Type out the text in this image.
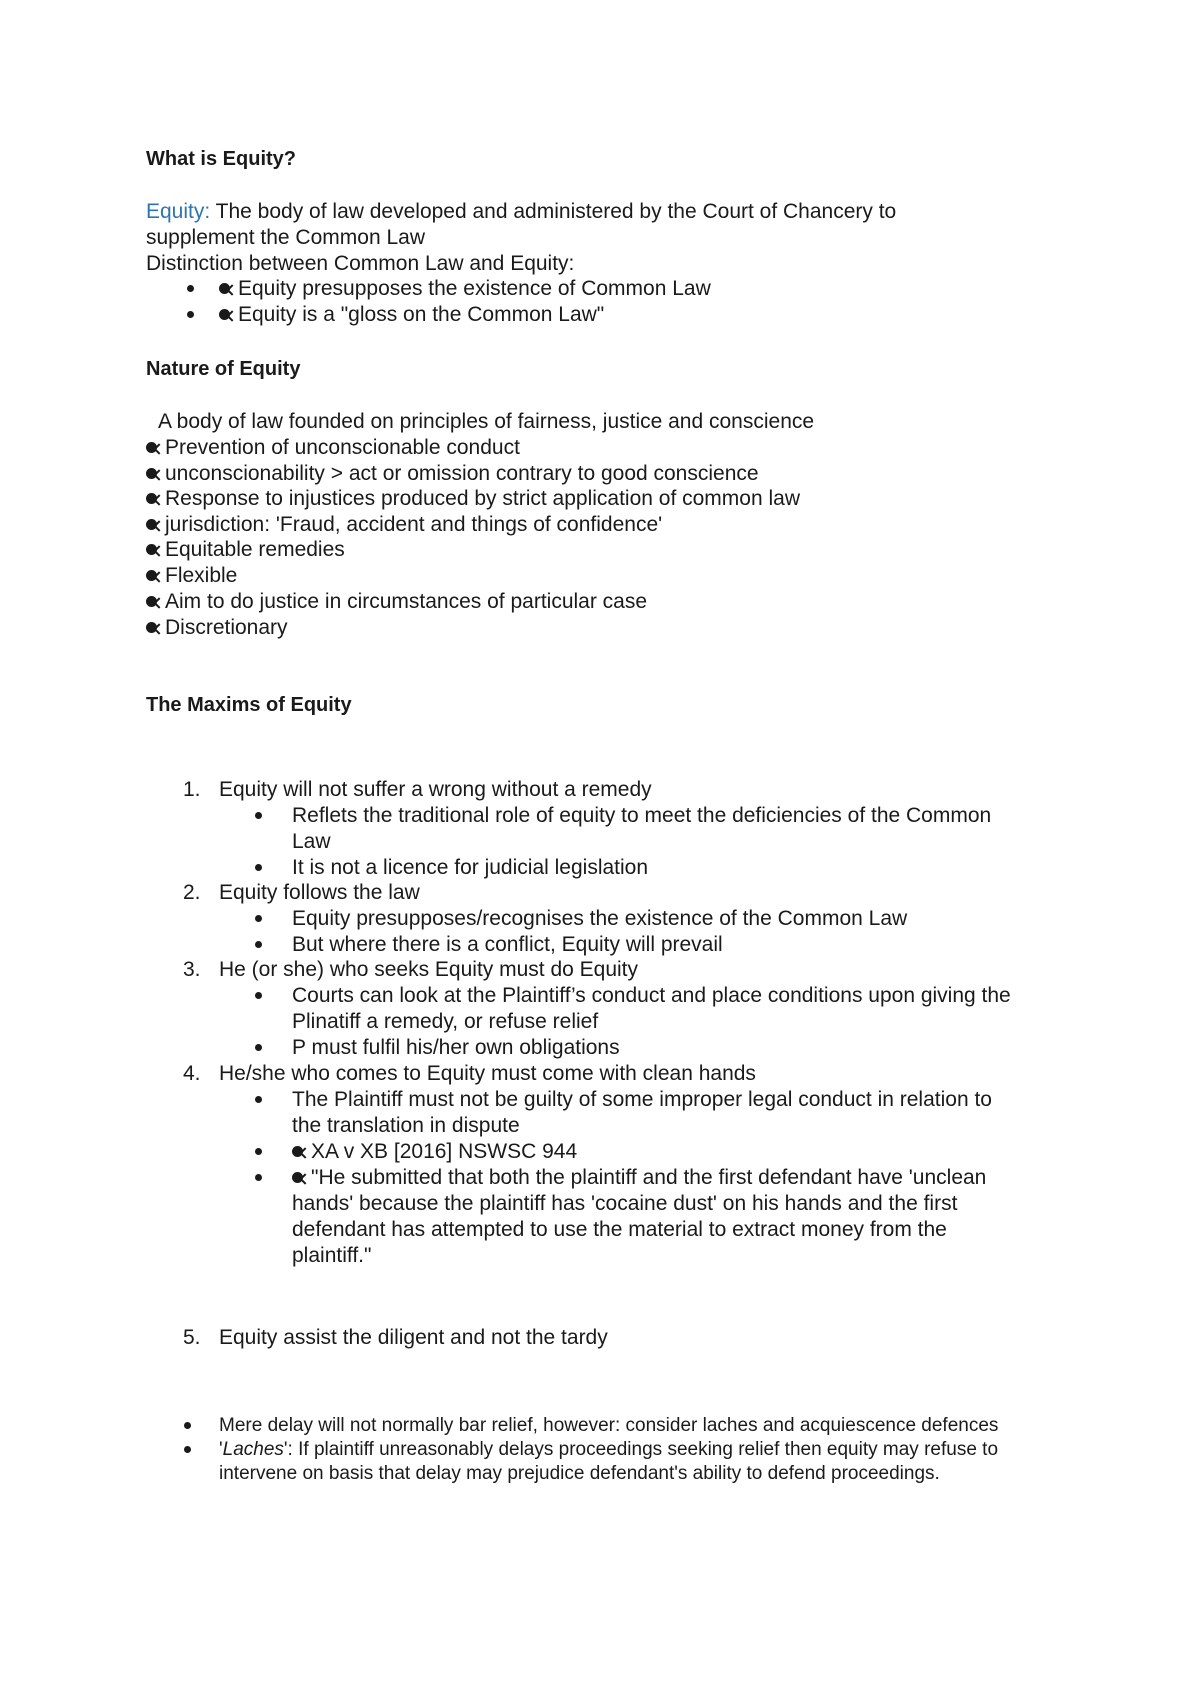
What is Equity?
Equity: The body of law developed and administered by the Court of Chancery to
supplement the Common Law
Distinction between Common Law and Equity:
Equity presupposes the existence of Common Law
Equity is a "gloss on the Common Law"
Nature of Equity
A body of law founded on principles of fairness, justice and conscience
Prevention of unconscionable conduct
unconscionability > act or omission contrary to good conscience
Response to injustices produced by strict application of common law
jurisdiction: 'Fraud, accident and things of confidence'
Equitable remedies
Flexible
Aim to do justice in circumstances of particular case
Discretionary
The Maxims of Equity
1. Equity will not suffer a wrong without a remedy
Reflets the traditional role of equity to meet the deficiencies of the Common
Law
It is not a licence for judicial legislation
2. Equity follows the law
Equity presupposes/recognises the existence of the Common Law
But where there is a conflict, Equity will prevail
3. He (or she) who seeks Equity must do Equity
Courts can look at the Plaintiff’s conduct and place conditions upon giving the
Plinatiff a remedy, or refuse relief
P must fulfil his/her own obligations
4. He/she who comes to Equity must come with clean hands
The Plaintiff must not be guilty of some improper legal conduct in relation to
the translation in dispute
XA v XB [2016] NSWSC 944
"He submitted that both the plaintiff and the first defendant have 'unclean
hands' because the plaintiff has 'cocaine dust' on his hands and the first
defendant has attempted to use the material to extract money from the
plaintiff."
5. Equity assist the diligent and not the tardy
Mere delay will not normally bar relief, however: consider laches and acquiescence defences
'Laches': If plaintiff unreasonably delays proceedings seeking relief then equity may refuse to
intervene on basis that delay may prejudice defendant's ability to defend proceedings.
